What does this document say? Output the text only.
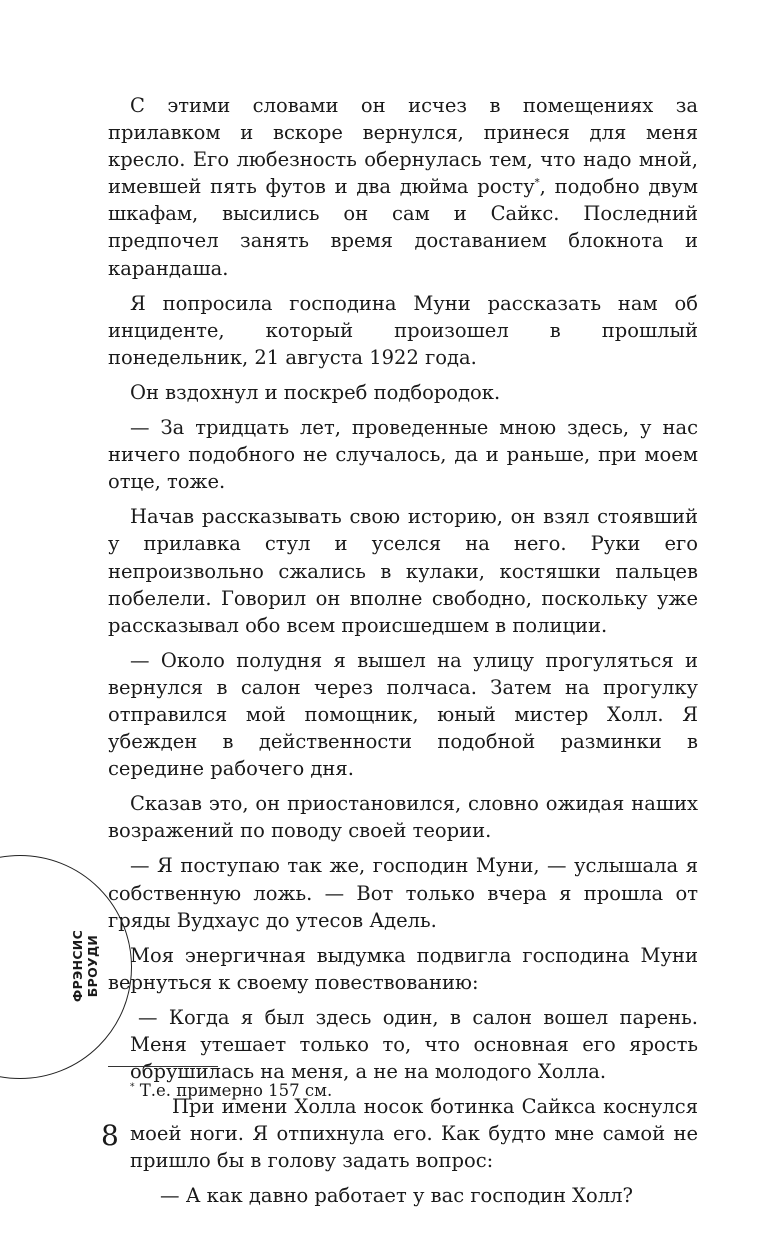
С этими словами он исчез в помещениях за прилавком и вскоре вернулся, принеся для меня кресло. Его любезность обернулась тем, что надо мной, имевшей пять футов и два дюйма росту*, подобно двум шкафам, высились он сам и Сайкс. Последний предпочел занять время доставанием блокнота и карандаша.

Я попросила господина Муни рассказать нам об инциденте, который произошел в прошлый понедельник, 21 августа 1922 года.

Он вздохнул и поскреб подбородок.

— За тридцать лет, проведенные мною здесь, у нас ничего подобного не случалось, да и раньше, при моем отце, тоже.

Начав рассказывать свою историю, он взял стоявший у прилавка стул и уселся на него. Руки его непроизвольно сжались в кулаки, костяшки пальцев побелели. Говорил он вполне свободно, поскольку уже рассказывал обо всем происшедшем в полиции.

— Около полудня я вышел на улицу прогуляться и вернулся в салон через полчаса. Затем на прогулку отправился мой помощник, юный мистер Холл. Я убежден в действенности подобной разминки в середине рабочего дня.

Сказав это, он приостановился, словно ожидая наших возражений по поводу своей теории.

— Я поступаю так же, господин Муни, — услышала я собственную ложь. — Вот только вчера я прошла от гряды Вудхаус до утесов Адель.

Моя энергичная выдумка подвигла господина Муни вернуться к своему повествованию:

— Когда я был здесь один, в салон вошел парень. Меня утешает только то, что основная его ярость обрушилась на меня, а не на молодого Холла.

При имени Холла носок ботинка Сайкса коснулся моей ноги. Я отпихнула его. Как будто мне самой не пришло бы в голову задать вопрос:

— А как давно работает у вас господин Холл?

* Т.е. примерно 157 см.
8
ФРЭНСИС БРОУДИ
